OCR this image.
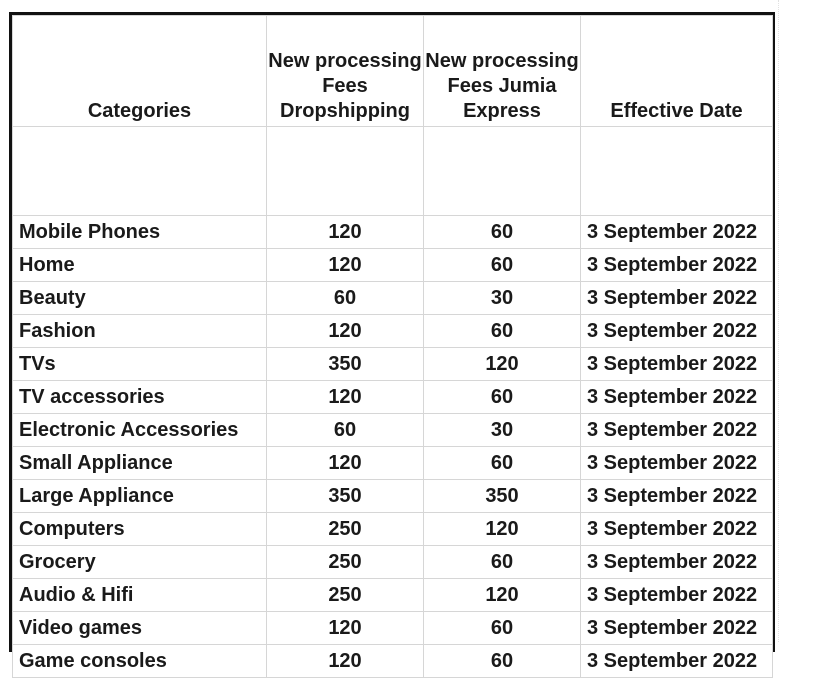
Categories	New processing Fees Dropshipping	New processing Fees Jumia Express	Effective Date

Mobile Phones	120	60	3 September 2022
Home	120	60	3 September 2022
Beauty	60	30	3 September 2022
Fashion	120	60	3 September 2022
TVs	350	120	3 September 2022
TV accessories	120	60	3 September 2022
Electronic Accessories	60	30	3 September 2022
Small Appliance	120	60	3 September 2022
Large Appliance	350	350	3 September 2022
Computers	250	120	3 September 2022
Grocery	250	60	3 September 2022
Audio & Hifi	250	120	3 September 2022
Video games	120	60	3 September 2022
Game consoles	120	60	3 September 2022
